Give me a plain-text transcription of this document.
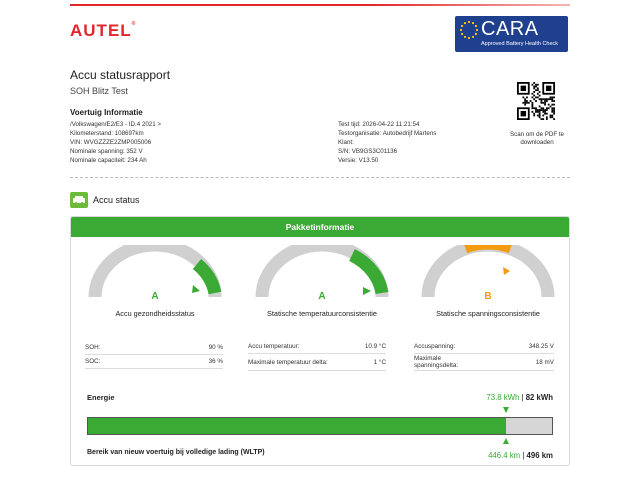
AUTEL®	CARA
Approved Battery Health Check
Accu statusrapport
SOH Blitz Test
Voertuig Informatie
/Volkswagen/E2/E3 - ID.4 2021 >
Kilometerstand: 108697km
VIN: WVGZZZE2ZMP005006
Nominale spanning: 352 V
Nominale capaciteit: 234 Ah
Test tijd: 2026-04-22 11:21:54
Testorganisatie: Autobedrijf Martens
Klant:
S/N: VB9GS3C01136
Versie: V13.50
Scan om de PDF te downloaden
Accu status
Pakketinformatie
A
Accu gezondheidsstatus
A
Statische temperatuurconsistentie
B
Statische spanningsconsistentie
SOH:	90 %
SOC:	36 %
Accu temperatuur:	10.9 °C
Maximale temperatuur delta:	1 °C
Accuspanning:	348.25 V
Maximale spanningsdelta:	18 mV
Energie	73.8 kWh | 82 kWh
Bereik van nieuw voertuig bij volledige lading (WLTP)	446.4 km | 496 km
